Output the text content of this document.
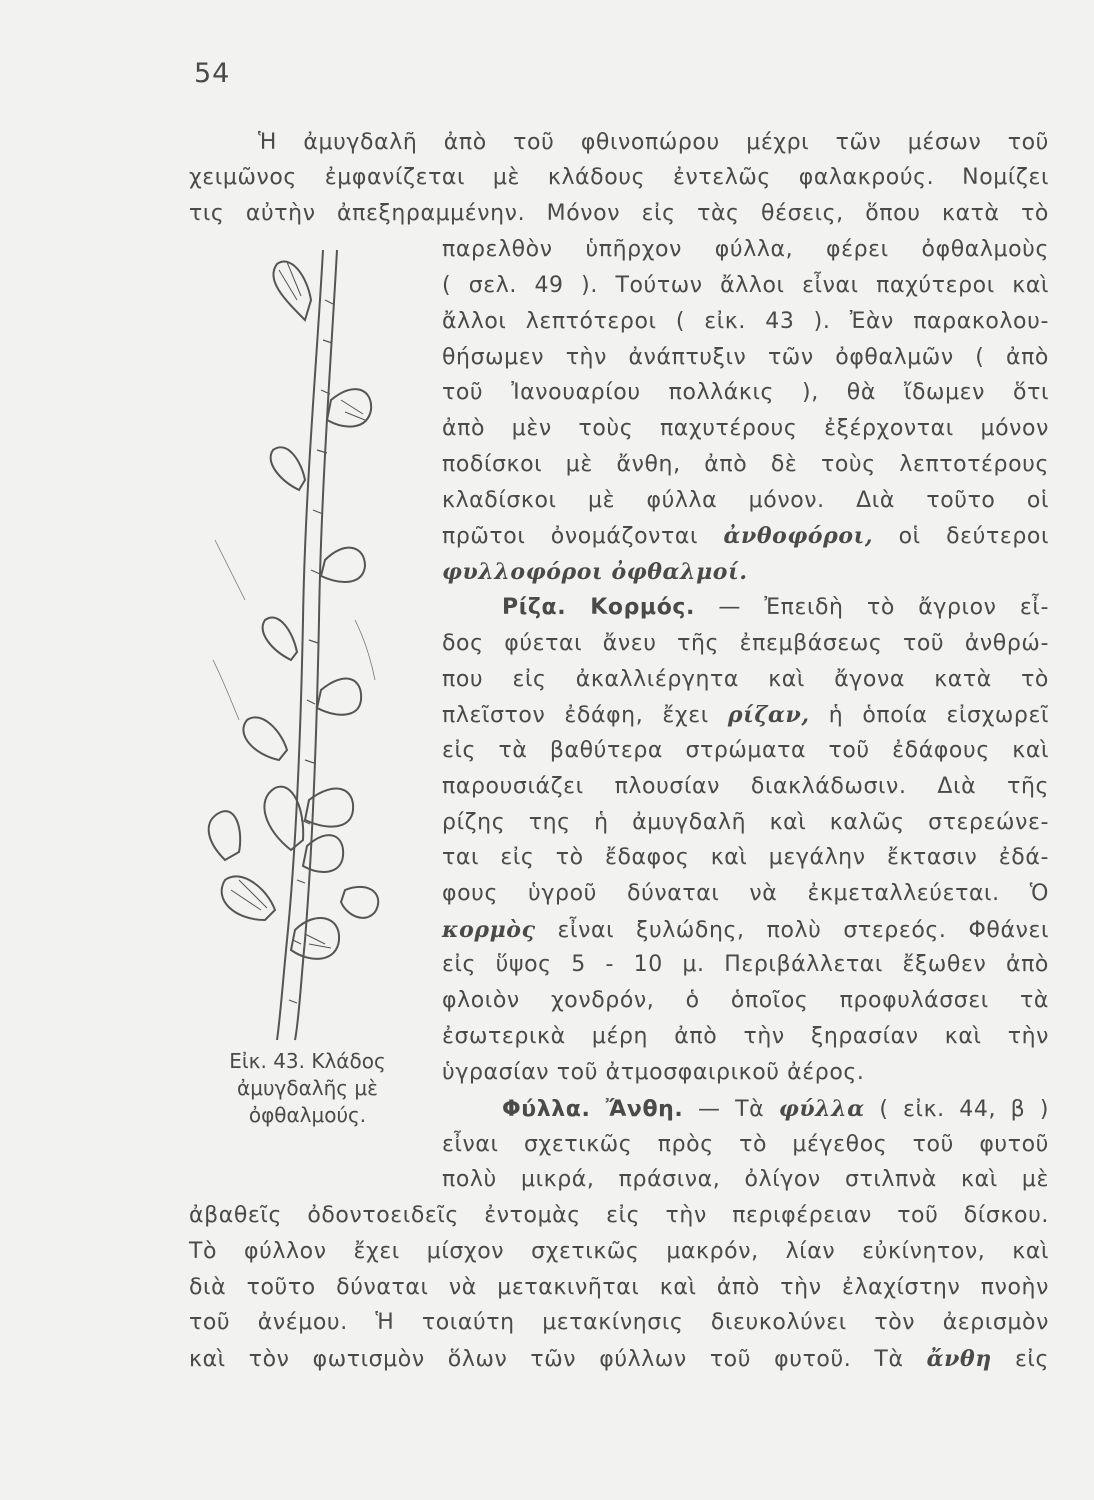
54
Ἡ ἀμυγδαλῆ ἀπὸ τοῦ φθινοπώρου μέχρι τῶν μέσων τοῦ
χειμῶνος ἐμφανίζεται μὲ κλάδους ἐντελῶς φαλακρούς. Νομίζει
τις αὐτὴν ἀπεξηραμμένην. Μόνον εἰς τὰς θέσεις, ὅπου κατὰ τὸ
παρελθὸν ὑπῆρχον φύλλα, φέρει ὀφθαλμοὺς
( σελ. 49 ). Τούτων ἄλλοι εἶναι παχύτεροι καὶ
ἄλλοι λεπτότεροι ( εἰκ. 43 ). Ἐὰν παρακολου-
θήσωμεν τὴν ἀνάπτυξιν τῶν ὀφθαλμῶν ( ἀπὸ
τοῦ Ἰανουαρίου πολλάκις ), θὰ ἴδωμεν ὅτι
ἀπὸ μὲν τοὺς παχυτέρους ἐξέρχονται μόνον
ποδίσκοι μὲ ἄνθη, ἀπὸ δὲ τοὺς λεπτοτέρους
κλαδίσκοι μὲ φύλλα μόνον. Διὰ τοῦτο οἱ
πρῶτοι ὀνομάζονται ἀνθοφόροι, οἱ δεύτεροι
φυλλοφόροι ὀφθαλμοί.
Ρίζα. Κορμός. — Ἐπειδὴ τὸ ἄγριον εἶ-
δος φύεται ἄνευ τῆς ἐπεμβάσεως τοῦ ἀνθρώ-
που εἰς ἀκαλλιέργητα καὶ ἄγονα κατὰ τὸ
πλεῖστον ἐδάφη, ἔχει ρίζαν, ἡ ὁποία εἰσχωρεῖ
εἰς τὰ βαθύτερα στρώματα τοῦ ἐδάφους καὶ
παρουσιάζει πλουσίαν διακλάδωσιν. Διὰ τῆς
ρίζης της ἡ ἀμυγδαλῆ καὶ καλῶς στερεώνε-
ται εἰς τὸ ἔδαφος καὶ μεγάλην ἔκτασιν ἐδά-
φους ὑγροῦ δύναται νὰ ἐκμεταλλεύεται. Ὁ
κορμὸς εἶναι ξυλώδης, πολὺ στερεός. Φθάνει
εἰς ὕψος 5 - 10 μ. Περιβάλλεται ἔξωθεν ἀπὸ
φλοιὸν χονδρόν, ὁ ὁποῖος προφυλάσσει τὰ
ἐσωτερικὰ μέρη ἀπὸ τὴν ξηρασίαν καὶ τὴν
ὑγρασίαν τοῦ ἀτμοσφαιρικοῦ ἀέρος.
Φύλλα. Ἄνθη. — Τὰ φύλλα ( εἰκ. 44, β )
εἶναι σχετικῶς πρὸς τὸ μέγεθος τοῦ φυτοῦ
πολὺ μικρά, πράσινα, ὀλίγον στιλπνὰ καὶ μὲ
ἀβαθεῖς ὀδοντοειδεῖς ἐντομὰς εἰς τὴν περιφέρειαν τοῦ δίσκου.
Τὸ φύλλον ἔχει μίσχον σχετικῶς μακρόν, λίαν εὐκίνητον, καὶ
διὰ τοῦτο δύναται νὰ μετακινῆται καὶ ἀπὸ τὴν ἐλαχίστην πνοὴν
τοῦ ἀνέμου. Ἡ τοιαύτη μετακίνησις διευκολύνει τὸν ἀερισμὸν
καὶ τὸν φωτισμὸν ὅλων τῶν φύλλων τοῦ φυτοῦ. Τὰ ἄνθη εἰς
Εἰκ. 43. Κλάδος
ἀμυγδαλῆς μὲ
ὀφθαλμούς.
